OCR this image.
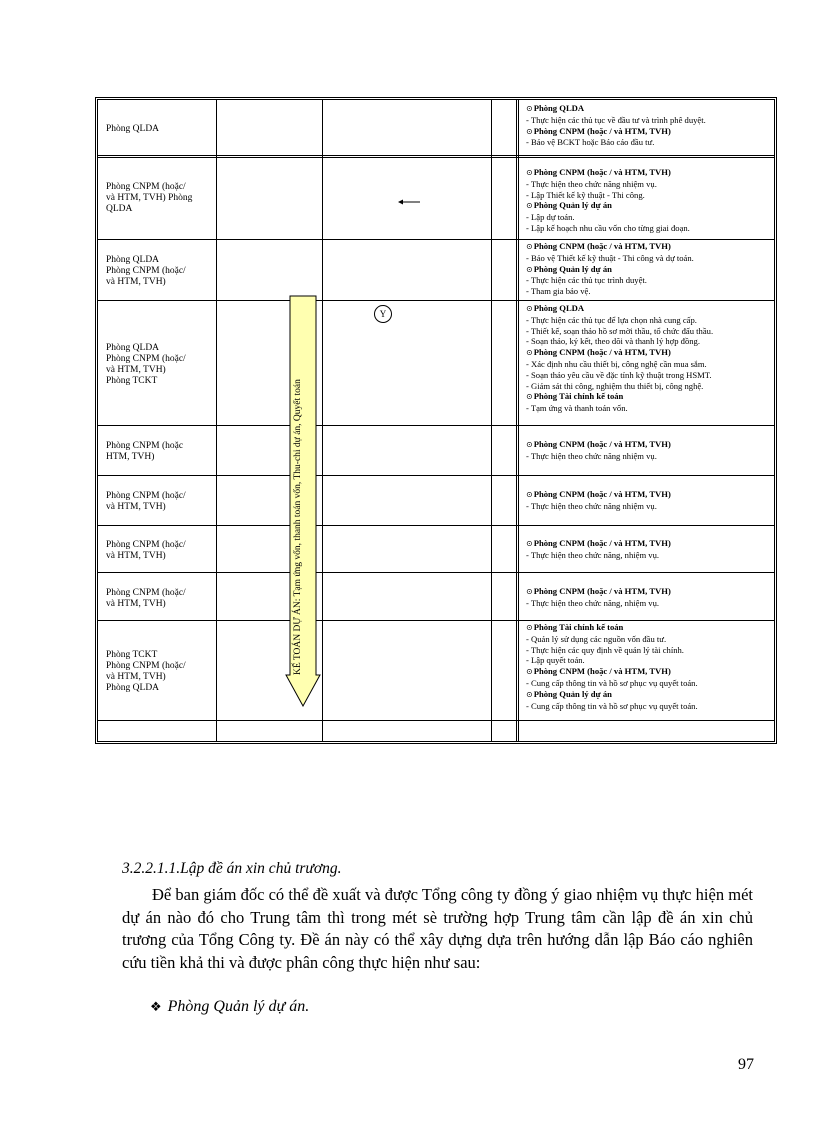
Phòng QLDA
Phòng CNPM (hoặc/
và HTM, TVH) Phòng
QLDA
Phòng QLDA
Phòng CNPM (hoặc/
và HTM, TVH)
Phòng QLDA
Phòng CNPM (hoặc/
và HTM, TVH)
Phòng TCKT
Phòng CNPM (hoặc
HTM, TVH)
Phòng CNPM (hoặc/
và HTM, TVH)
Phòng CNPM (hoặc/
và HTM, TVH)
Phòng CNPM (hoặc/
và HTM, TVH)
Phòng TCKT
Phòng CNPM (hoặc/
và HTM, TVH)
Phòng QLDA
⊙Phòng QLDA
- Thực hiện các thủ tục về đầu tư và trình phê duyệt.
⊙Phòng CNPM (hoặc / và HTM, TVH)
- Bảo vệ BCKT hoặc Báo cáo đầu tư.
⊙Phòng CNPM (hoặc / và HTM, TVH)
- Thực hiện theo chức năng nhiệm vụ.
- Lập Thiết kế kỹ thuật - Thi công.
⊙Phòng Quản lý dự án
- Lập dự toán.
- Lập kế hoạch nhu cầu vốn cho từng giai đoạn.
⊙Phòng CNPM (hoặc / và HTM, TVH)
- Bảo vệ Thiết kế kỹ thuật - Thi công và dự toán.
⊙Phòng Quản lý dự án
- Thực hiện các thủ tục trình duyệt.
- Tham gia bảo vệ.
⊙Phòng QLDA
- Thực hiện các thủ tục để lựa chọn nhà cung cấp.
- Thiết kế, soạn thảo hồ sơ mời thầu, tổ chức đấu thầu.
- Soạn thảo, ký kết, theo dõi và thanh lý hợp đồng.
⊙Phòng CNPM (hoặc / và HTM, TVH)
- Xác định nhu cầu thiết bị, công nghệ cần mua sắm.
- Soạn thảo yêu cầu về đặc tính kỹ thuật trong HSMT.
- Giám sát thi công, nghiệm thu thiết bị, công nghệ.
⊙Phòng Tài chính kế toán
- Tạm ứng và thanh toán vốn.
⊙Phòng CNPM (hoặc / và HTM, TVH)
- Thực hiện theo chức năng nhiệm vụ.
⊙Phòng CNPM (hoặc / và HTM, TVH)
- Thực hiện theo chức năng nhiệm vụ.
⊙Phòng CNPM (hoặc / và HTM, TVH)
- Thực hiện theo chức năng, nhiệm vụ.
⊙Phòng CNPM (hoặc / và HTM, TVH)
- Thực hiện theo chức năng, nhiệm vụ.
⊙Phòng Tài chính kế toán
- Quản lý sử dụng các nguồn vốn đầu tư.
- Thực hiện các quy định về quản lý tài chính.
- Lập quyết toán.
⊙Phòng CNPM (hoặc / và HTM, TVH)
- Cung cấp thông tin và hồ sơ phục vụ quyết toán.
⊙Phòng Quản lý dự án
- Cung cấp thông tin và hồ sơ phục vụ quyết toán.
Y
KẾ TOÁN DỰ ÁN: Tạm ứng vốn, thanh toán vốn, Thu-chi dự án, Quyết toán
3.2.2.1.1.Lập đề án xin chủ trương.
Để ban giám đốc có thể đề xuất và được Tổng công ty đồng ý giao nhiệm vụ thực hiện mét dự án nào đó cho Trung tâm thì trong mét sè trường hợp Trung tâm cần lập đề án xin chủ trương của Tổng Công ty. Đề án này có thể xây dựng dựa trên hướng dẫn lập Báo cáo nghiên cứu tiền khả thi và được phân công thực hiện như sau:
❖ Phòng Quản lý dự án.
97
